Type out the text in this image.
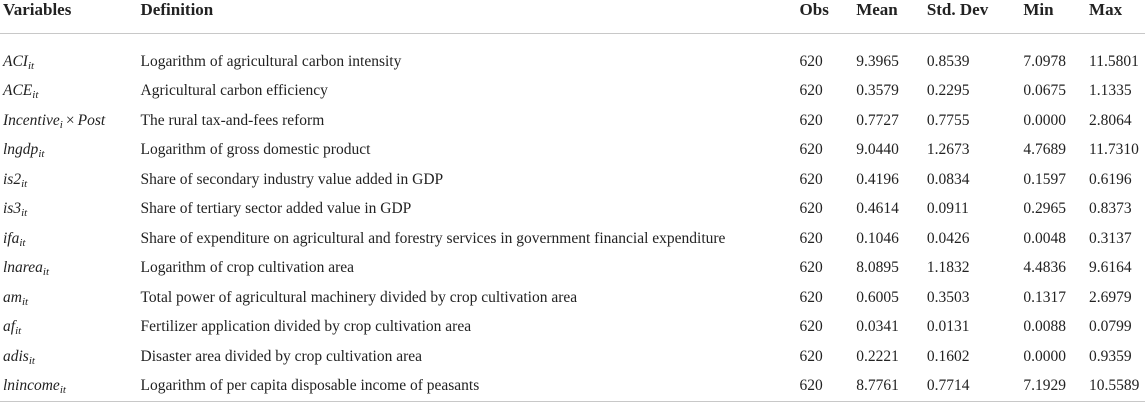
Variables	Definition	Obs	Mean	Std. Dev	Min	Max

$ACI_{it}$	Logarithm of agricultural carbon intensity	620	9.3965	0.8539	7.0978	11.5801
$ACE_{it}$	Agricultural carbon efficiency	620	0.3579	0.2295	0.0675	1.1335
Incentive$_i$ × Post	The rural tax-and-fees reform	620	0.7727	0.7755	0.0000	2.8064
lngdp$_{it}$	Logarithm of gross domestic product	620	9.0440	1.2673	4.7689	11.7310
$is2_{it}$	Share of secondary industry value added in GDP	620	0.4196	0.0834	0.1597	0.6196
$is3_{it}$	Share of tertiary sector added value in GDP	620	0.4614	0.0911	0.2965	0.8373
ifa$_{it}$	Share of expenditure on agricultural and forestry services in government financial expenditure	620	0.1046	0.0426	0.0048	0.3137
lnarea$_{it}$	Logarithm of crop cultivation area	620	8.0895	1.1832	4.4836	9.6164
$am_{it}$	Total power of agricultural machinery divided by crop cultivation area	620	0.6005	0.3503	0.1317	2.6979
$af_{it}$	Fertilizer application divided by crop cultivation area	620	0.0341	0.0131	0.0088	0.0799
adis$_{it}$	Disaster area divided by crop cultivation area	620	0.2221	0.1602	0.0000	0.9359
lnincome$_{it}$	Logarithm of per capita disposable income of peasants	620	8.7761	0.7714	7.1929	10.5589
